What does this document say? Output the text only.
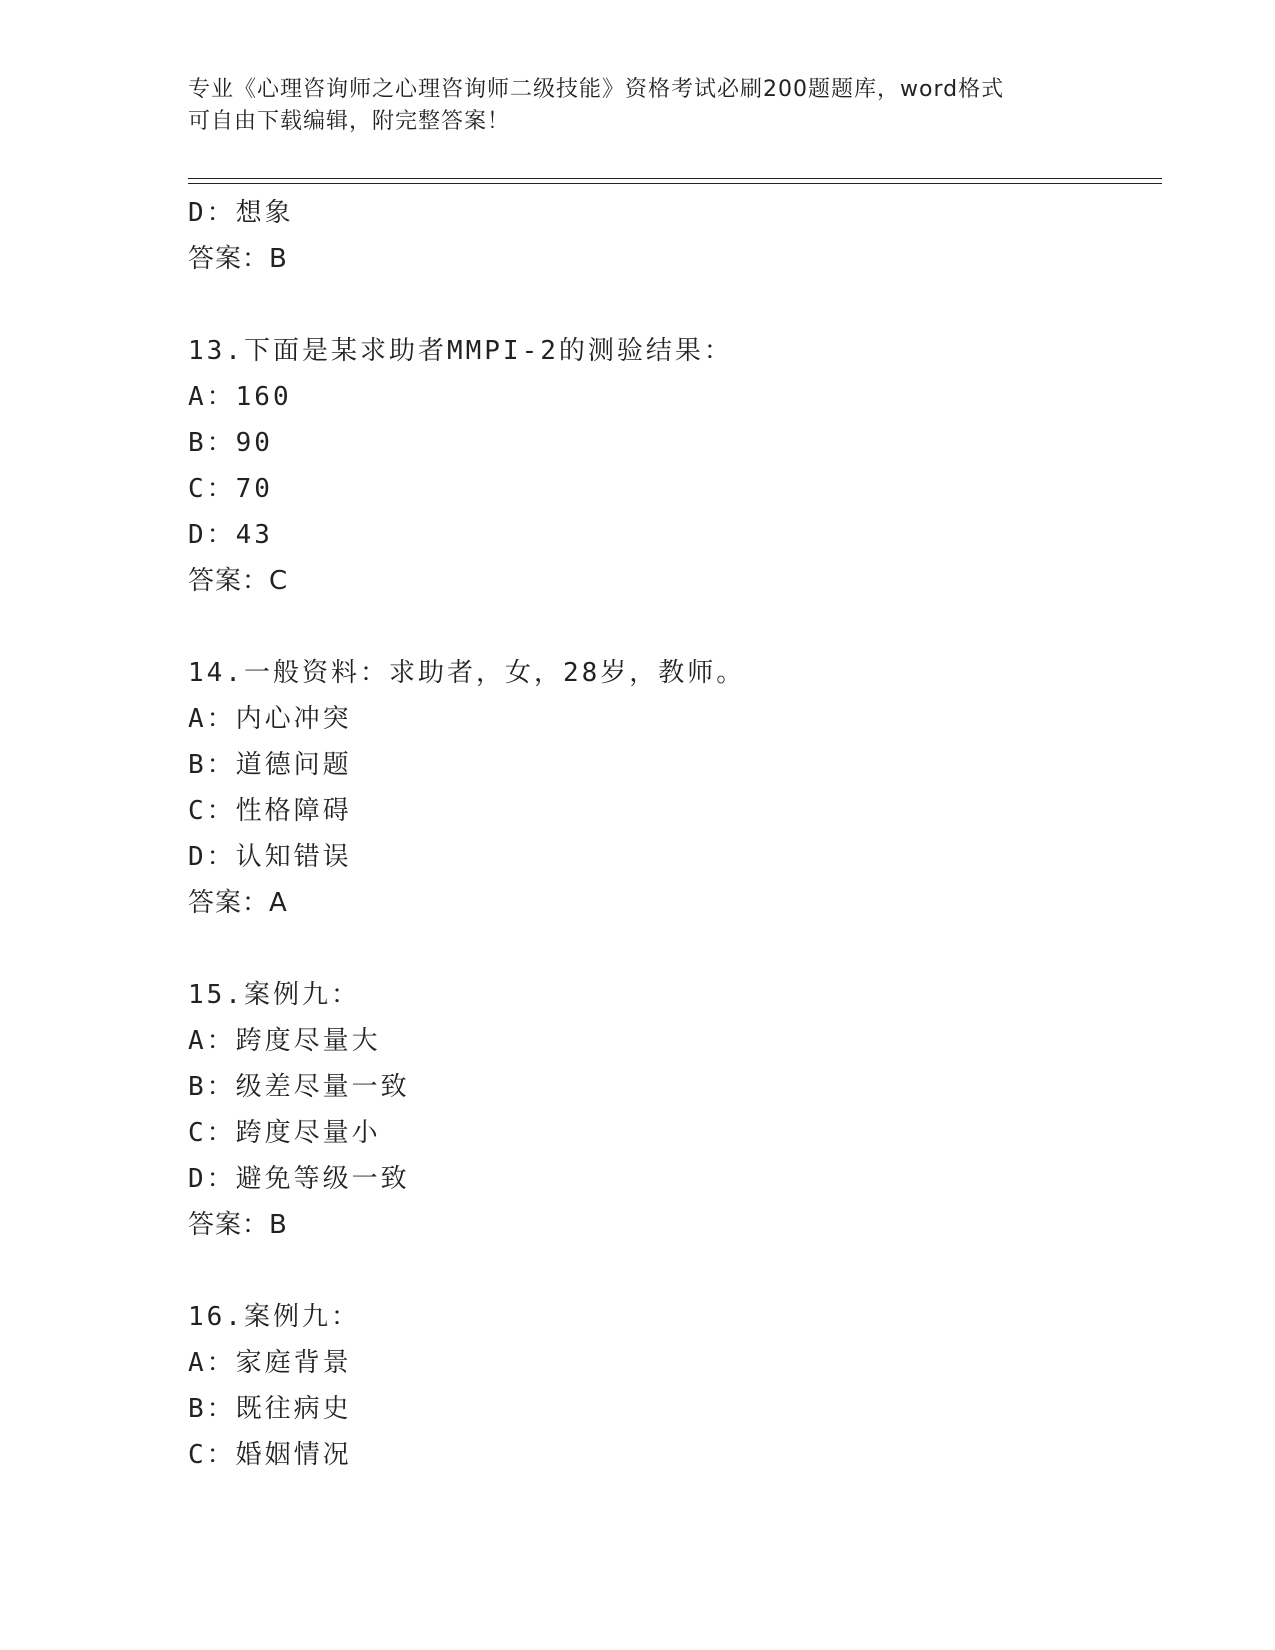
专业《心理咨询师之心理咨询师二级技能》资格考试必刷200题题库，word格式
可自由下载编辑，附完整答案！
D：想象
答案：B
13.下面是某求助者MMPI-2的测验结果：
A：160
B：90
C：70
D：43
答案：C
14.一般资料：求助者，女，28岁，教师。
A：内心冲突
B：道德问题
C：性格障碍
D：认知错误
答案：A
15.案例九：
A：跨度尽量大
B：级差尽量一致
C：跨度尽量小
D：避免等级一致
答案：B
16.案例九：
A：家庭背景
B：既往病史
C：婚姻情况
